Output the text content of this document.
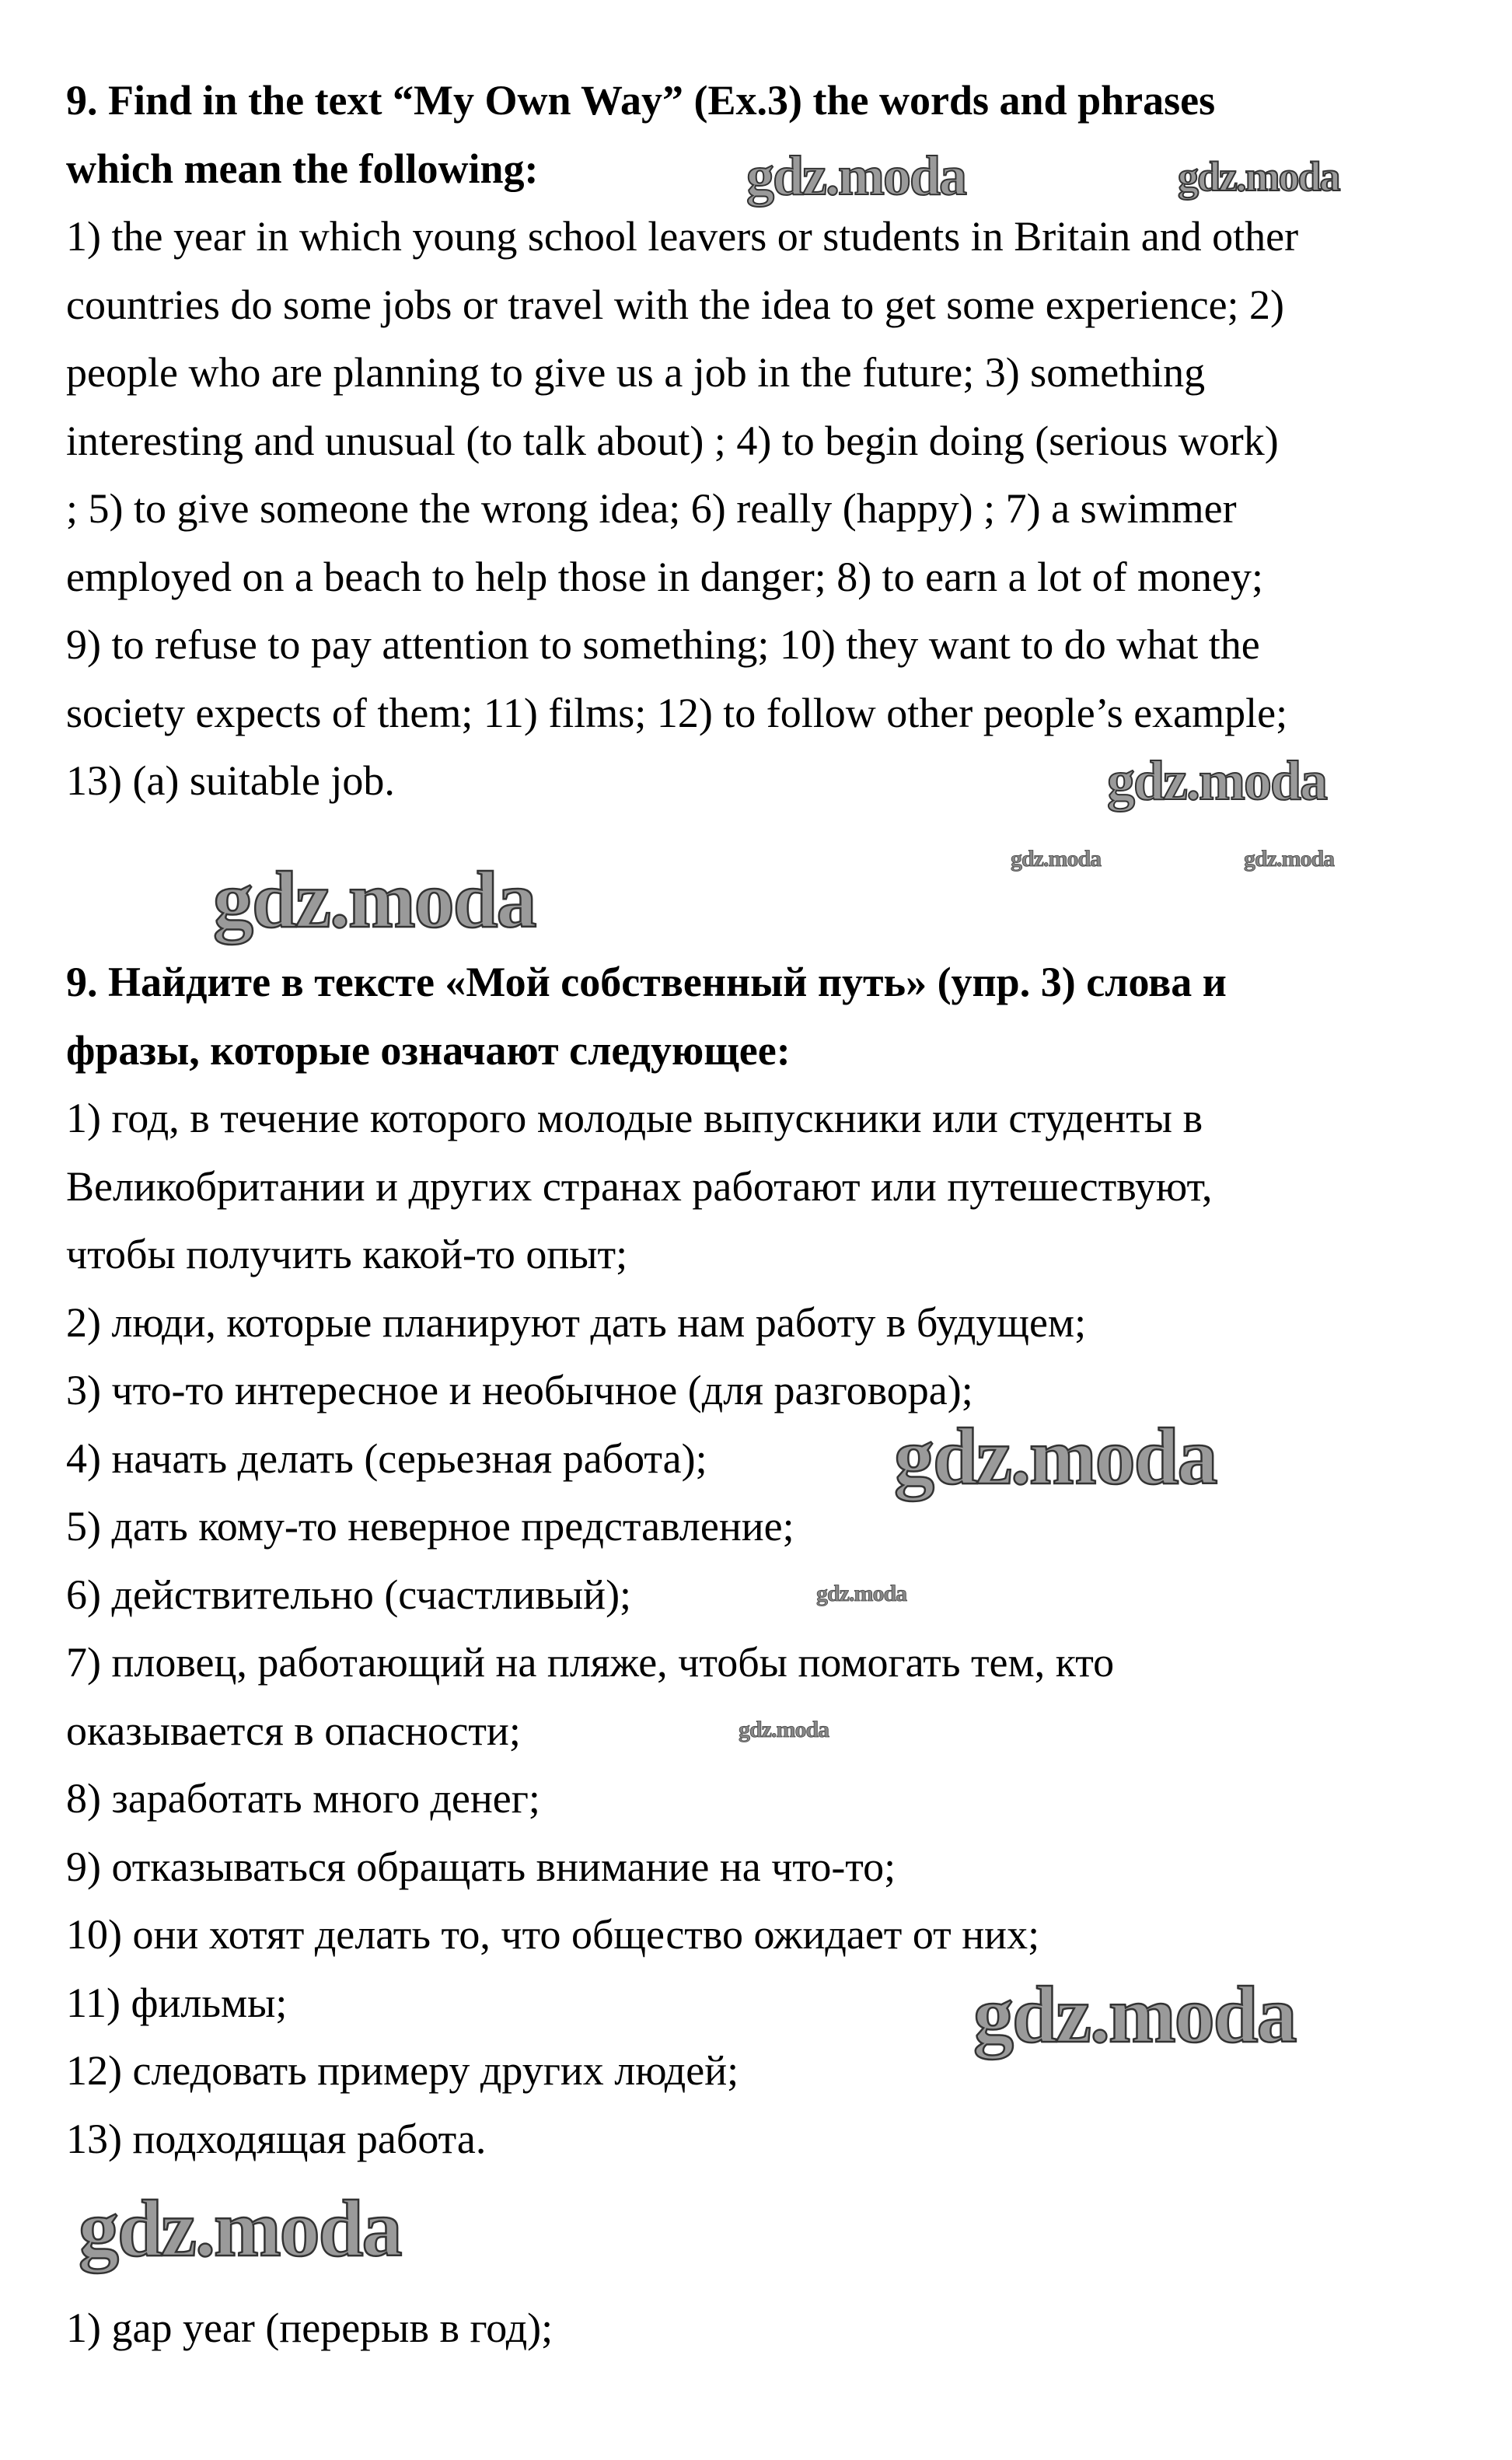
9. Find in the text “My Own Way” (Ex.3) the words and phrases
which mean the following:
1) the year in which young school leavers or students in Britain and other
countries do some jobs or travel with the idea to get some experience; 2)
people who are planning to give us a job in the future; 3) something
interesting and unusual (to talk about) ; 4) to begin doing (serious work)
; 5) to give someone the wrong idea; 6) really (happy) ; 7) a swimmer
employed on a beach to help those in danger; 8) to earn a lot of money;
9) to refuse to pay attention to something; 10) they want to do what the
society expects of them; 11) films; 12) to follow other people’s example;
13) (a) suitable job.
9. Найдите в тексте «Мой собственный путь» (упр. 3) слова и
фразы, которые означают следующее:
1) год, в течение которого молодые выпускники или студенты в
Великобритании и других странах работают или путешествуют,
чтобы получить какой-то опыт;
2) люди, которые планируют дать нам работу в будущем;
3) что-то интересное и необычное (для разговора);
4) начать делать (серьезная работа);
5) дать кому-то неверное представление;
6) действительно (счастливый);
7) пловец, работающий на пляже, чтобы помогать тем, кто
оказывается в опасности;
8) заработать много денег;
9) отказываться обращать внимание на что-то;
10) они хотят делать то, что общество ожидает от них;
11) фильмы;
12) следовать примеру других людей;
13) подходящая работа.
1) gap year (перерыв в год);
gdz.moda	gdz.moda
gdz.moda
gdz.moda
gdz.moda	gdz.moda
gdz.moda
gdz.moda
gdz.moda
gdz.moda
gdz.moda
